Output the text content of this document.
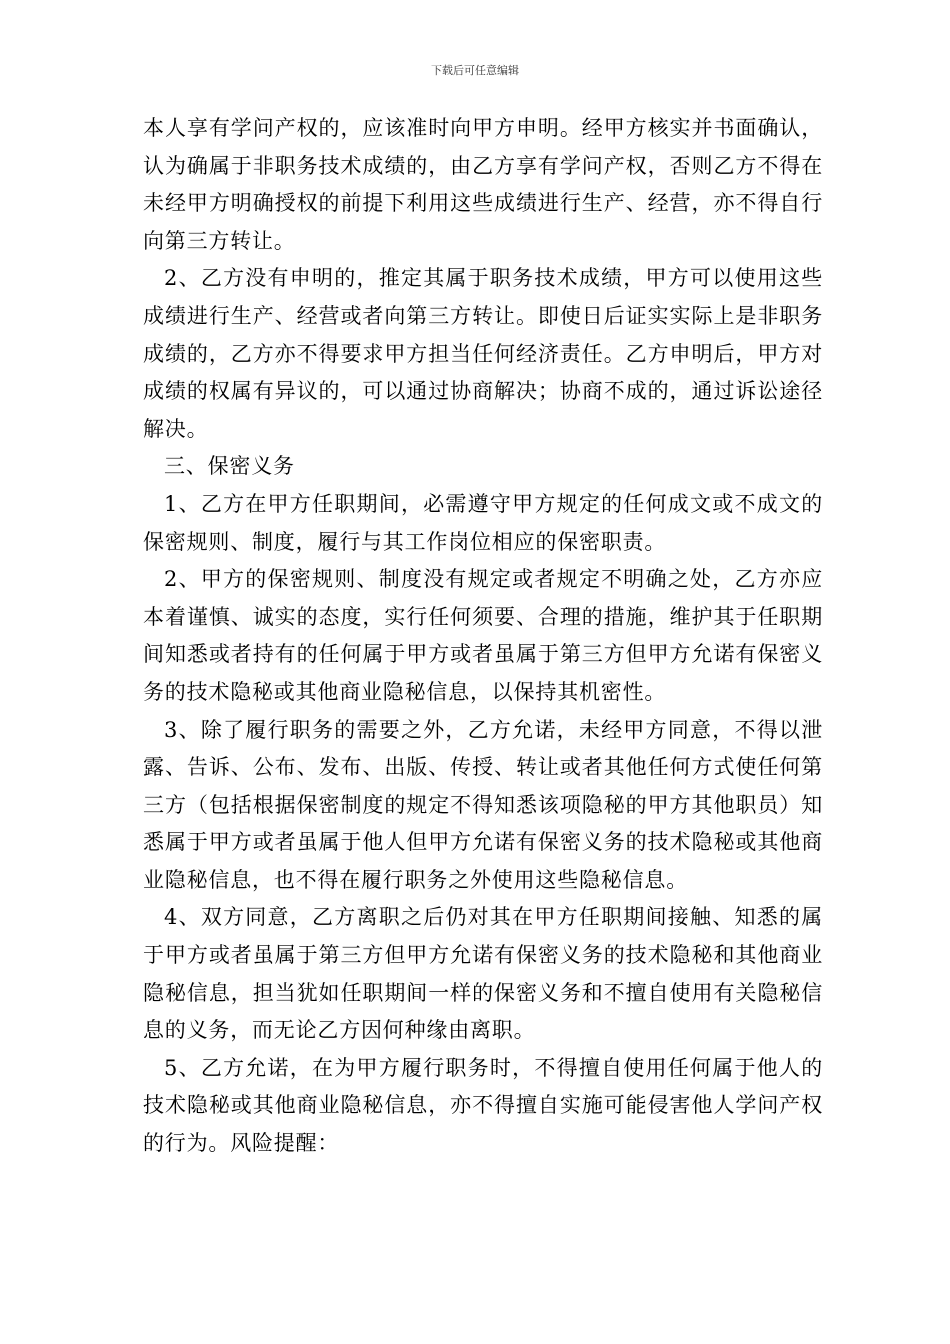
下载后可任意编辑

本人享有学问产权的，应该准时向甲方申明。经甲方核实并书面确认，认为确属于非职务技术成绩的，由乙方享有学问产权，否则乙方不得在未经甲方明确授权的前提下利用这些成绩进行生产、经营，亦不得自行向第三方转让。

2、乙方没有申明的，推定其属于职务技术成绩，甲方可以使用这些成绩进行生产、经营或者向第三方转让。即使日后证实实际上是非职务成绩的，乙方亦不得要求甲方担当任何经济责任。乙方申明后，甲方对成绩的权属有异议的，可以通过协商解决；协商不成的，通过诉讼途径解决。

三、保密义务

1、乙方在甲方任职期间，必需遵守甲方规定的任何成文或不成文的保密规则、制度，履行与其工作岗位相应的保密职责。

2、甲方的保密规则、制度没有规定或者规定不明确之处，乙方亦应本着谨慎、诚实的态度，实行任何须要、合理的措施，维护其于任职期间知悉或者持有的任何属于甲方或者虽属于第三方但甲方允诺有保密义务的技术隐秘或其他商业隐秘信息，以保持其机密性。

3、除了履行职务的需要之外，乙方允诺，未经甲方同意，不得以泄露、告诉、公布、发布、出版、传授、转让或者其他任何方式使任何第三方（包括根据保密制度的规定不得知悉该项隐秘的甲方其他职员）知悉属于甲方或者虽属于他人但甲方允诺有保密义务的技术隐秘或其他商业隐秘信息，也不得在履行职务之外使用这些隐秘信息。

4、双方同意，乙方离职之后仍对其在甲方任职期间接触、知悉的属于甲方或者虽属于第三方但甲方允诺有保密义务的技术隐秘和其他商业隐秘信息，担当犹如任职期间一样的保密义务和不擅自使用有关隐秘信息的义务，而无论乙方因何种缘由离职。

5、乙方允诺，在为甲方履行职务时，不得擅自使用任何属于他人的技术隐秘或其他商业隐秘信息，亦不得擅自实施可能侵害他人学问产权的行为。风险提醒：
